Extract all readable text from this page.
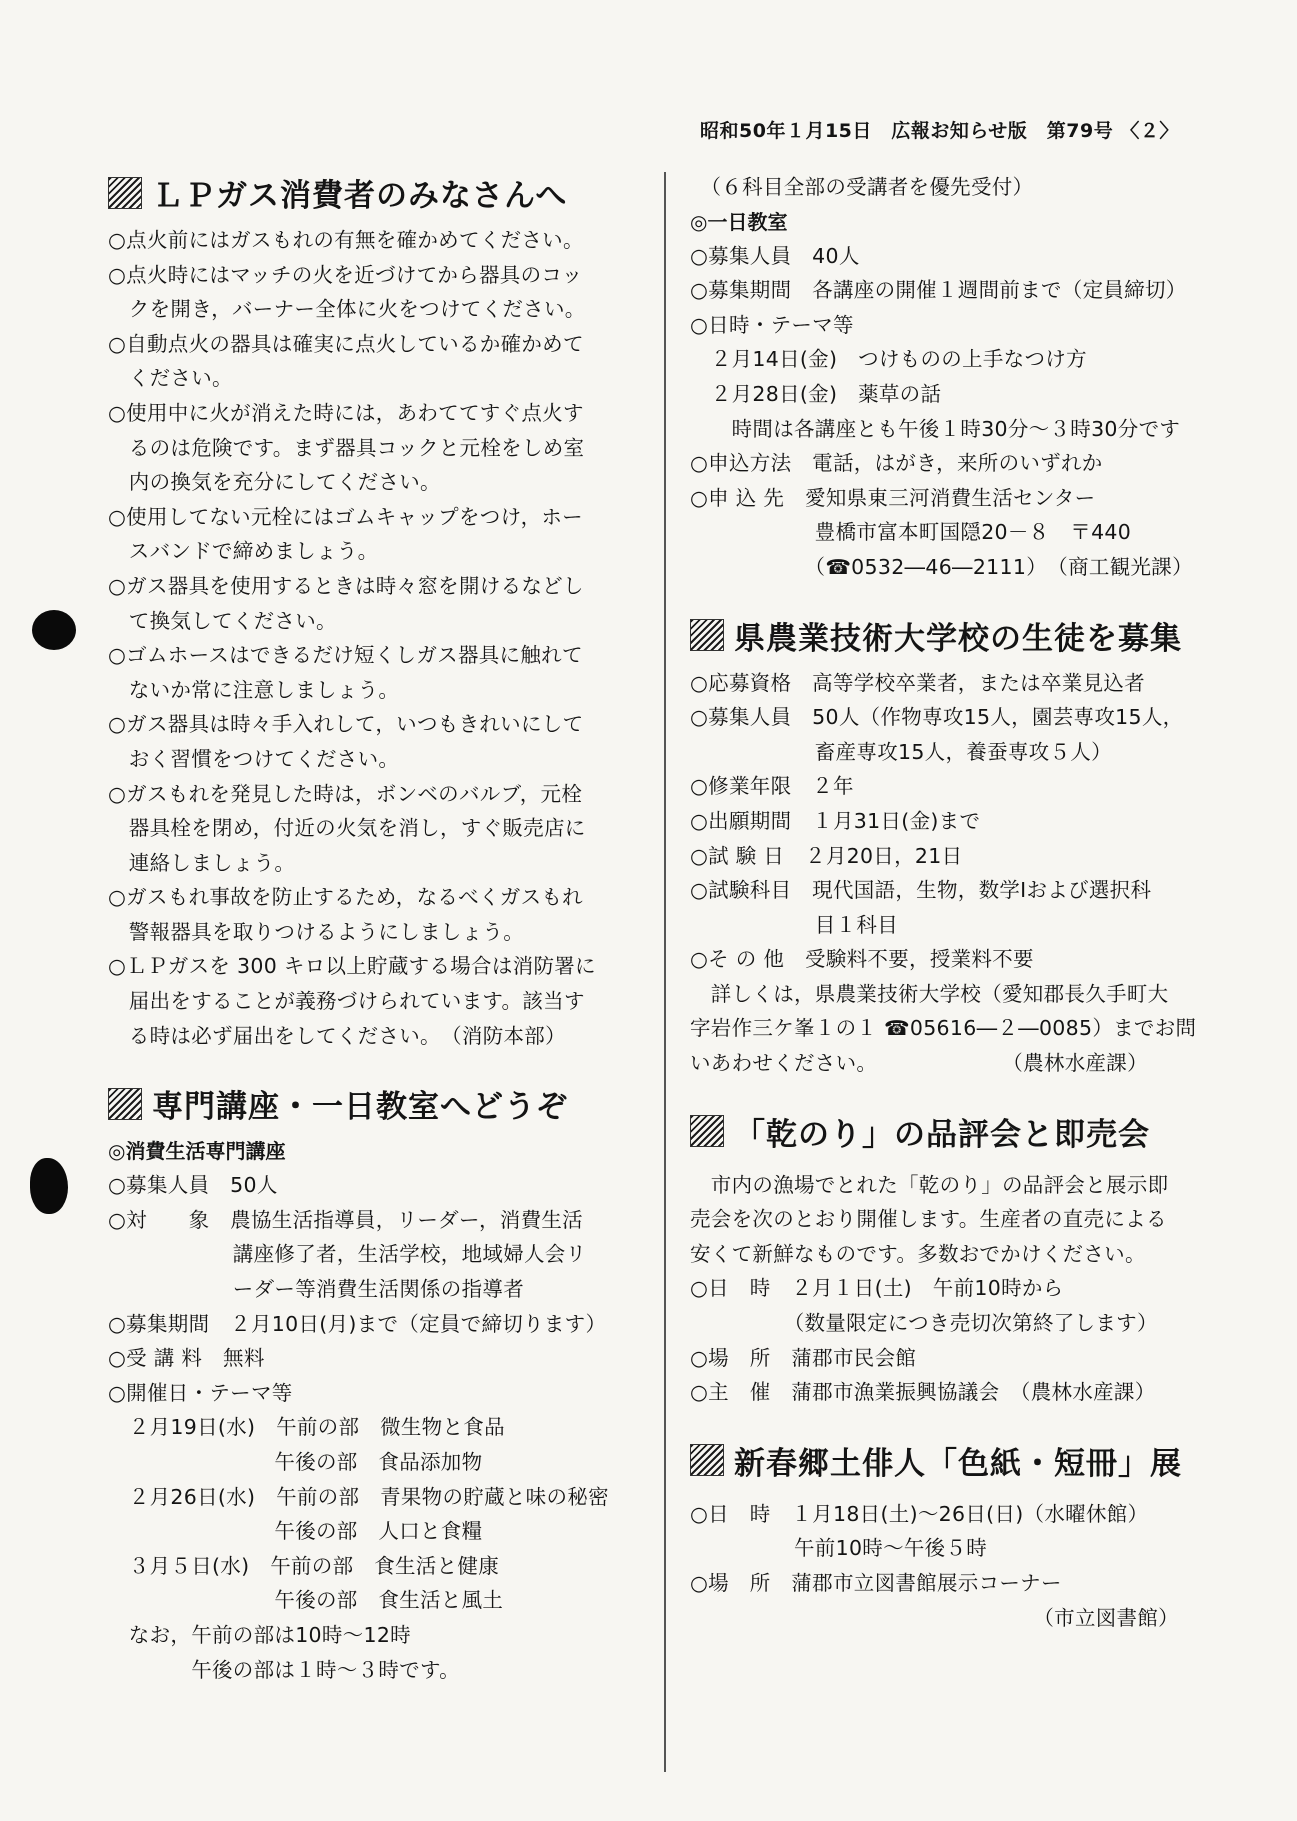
昭和50年１月15日　広報お知らせ版　第79号 〈２〉
ＬＰガス消費者のみなさんへ
○点火前にはガスもれの有無を確かめてください。
○点火時にはマッチの火を近づけてから器具のコッ
　クを開き，バーナー全体に火をつけてください。
○自動点火の器具は確実に点火しているか確かめて
　ください。
○使用中に火が消えた時には，あわててすぐ点火す
　るのは危険です。まず器具コックと元栓をしめ室
　内の換気を充分にしてください。
○使用してない元栓にはゴムキャップをつけ，ホー
　スバンドで締めましょう。
○ガス器具を使用するときは時々窓を開けるなどし
　て換気してください。
○ゴムホースはできるだけ短くしガス器具に触れて
　ないか常に注意しましょう。
○ガス器具は時々手入れして，いつもきれいにして
　おく習慣をつけてください。
○ガスもれを発見した時は，ボンベのバルブ，元栓
　器具栓を閉め，付近の火気を消し，すぐ販売店に
　連絡しましょう。
○ガスもれ事故を防止するため，なるべくガスもれ
　警報器具を取りつけるようにしましょう。
○ＬＰガスを 300 キロ以上貯蔵する場合は消防署に
　届出をすることが義務づけられています。該当す
　る時は必ず届出をしてください。　（消防本部）
専門講座・一日教室へどうぞ
◎消費生活専門講座
○募集人員　50人
○対　　象　農協生活指導員，リーダー，消費生活
　　　　　　講座修了者，生活学校，地域婦人会リ
　　　　　　ーダー等消費生活関係の指導者
○募集期間　２月10日(月)まで（定員で締切ります）
○受 講 料　無料
○開催日・テーマ等
　２月19日(水)　午前の部　微生物と食品
　　　　　　　　午後の部　食品添加物
　２月26日(水)　午前の部　青果物の貯蔵と味の秘密
　　　　　　　　午後の部　人口と食糧
　３月５日(水)　午前の部　食生活と健康
　　　　　　　　午後の部　食生活と風土
　なお，午前の部は10時～12時
　　　　午後の部は１時～３時です。
　（６科目全部の受講者を優先受付）
◎一日教室
○募集人員　40人
○募集期間　各講座の開催１週間前まで（定員締切）
○日時・テーマ等
　２月14日(金)　つけものの上手なつけ方
　２月28日(金)　薬草の話
　　時間は各講座とも午後１時30分～３時30分です
○申込方法　電話，はがき，来所のいずれか
○申 込 先　愛知県東三河消費生活センター
　　　　　　豊橋市富本町国隠20－８　〒440
　　　　　　（☎0532―46―2111）　（商工観光課）
県農業技術大学校の生徒を募集
○応募資格　高等学校卒業者，または卒業見込者
○募集人員　50人（作物専攻15人，園芸専攻15人，
　　　　　　畜産専攻15人，養蚕専攻５人）
○修業年限　２年
○出願期間　１月31日(金)まで
○試 験 日　２月20日，21日
○試験科目　現代国語，生物，数学Ⅰおよび選択科
　　　　　　目１科目
○そ の 他　受験料不要，授業料不要
　詳しくは，県農業技術大学校（愛知郡長久手町大
字岩作三ケ峯１の１ ☎05616―２―0085）までお問
いあわせください。　　　　　　　（農林水産課）
「乾のり」の品評会と即売会
　市内の漁場でとれた「乾のり」の品評会と展示即
売会を次のとおり開催します。生産者の直売による
安くて新鮮なものです。多数おでかけください。
○日　時　２月１日(土)　午前10時から
　　　　　（数量限定につき売切次第終了します）
○場　所　蒲郡市民会館
○主　催　蒲郡市漁業振興協議会　（農林水産課）
新春郷土俳人「色紙・短冊」展
○日　時　１月18日(土)～26日(日)（水曜休館）
　　　　　午前10時～午後５時
○場　所　蒲郡市立図書館展示コーナー
　　　　　　　　　　　　　　　　　（市立図書館）
